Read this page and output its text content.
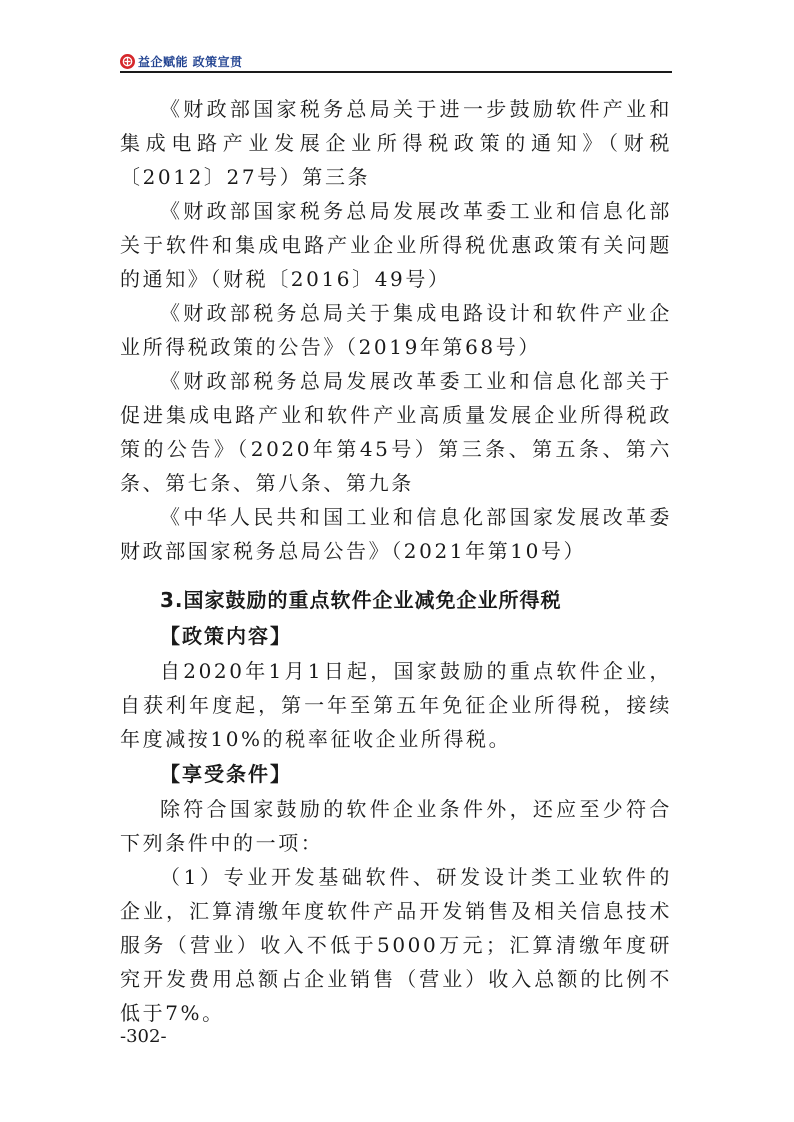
益企赋能 政策宣贯

《财政部国家税务总局关于进一步鼓励软件产业和集成电路产业发展企业所得税政策的通知》（财税〔2012〕27号）第三条

《财政部国家税务总局发展改革委工业和信息化部关于软件和集成电路产业企业所得税优惠政策有关问题的通知》（财税〔2016〕49号）

《财政部税务总局关于集成电路设计和软件产业企业所得税政策的公告》（2019年第68号）

《财政部税务总局发展改革委工业和信息化部关于促进集成电路产业和软件产业高质量发展企业所得税政策的公告》（2020年第45号）第三条、第五条、第六条、第七条、第八条、第九条

《中华人民共和国工业和信息化部国家发展改革委财政部国家税务总局公告》（2021年第10号）

3.国家鼓励的重点软件企业减免企业所得税

【政策内容】

自2020年1月1日起，国家鼓励的重点软件企业，自获利年度起，第一年至第五年免征企业所得税，接续年度减按10%的税率征收企业所得税。

【享受条件】

除符合国家鼓励的软件企业条件外，还应至少符合下列条件中的一项：

（1）专业开发基础软件、研发设计类工业软件的企业，汇算清缴年度软件产品开发销售及相关信息技术服务（营业）收入不低于5000万元；汇算清缴年度研究开发费用总额占企业销售（营业）收入总额的比例不低于7%。

-302-
